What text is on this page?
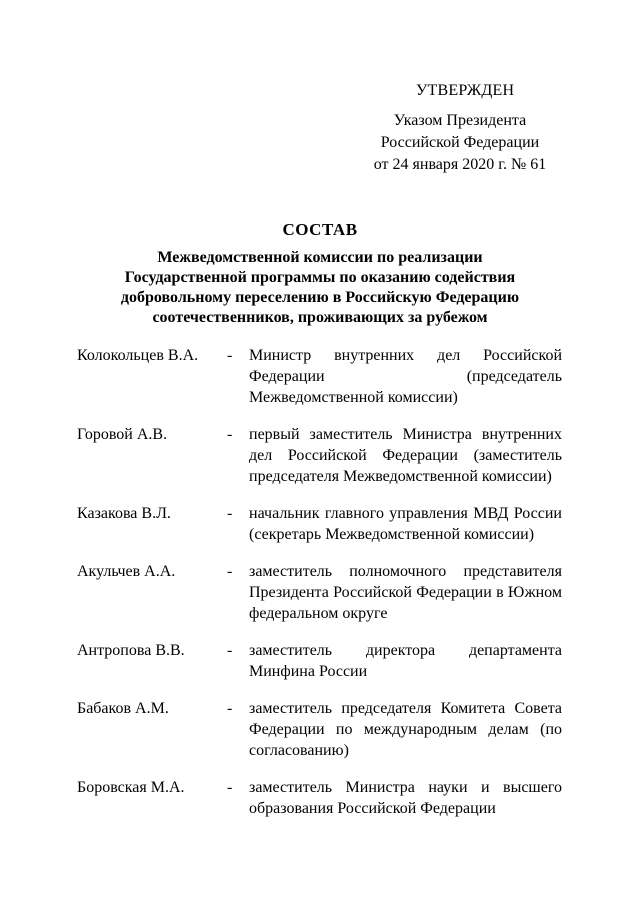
УТВЕРЖДЕН
Указом Президента
Российской Федерации
от 24 января 2020 г. № 61
СОСТАВ
Межведомственной комиссии по реализации
Государственной программы по оказанию содействия
добровольному переселению в Российскую Федерацию
соотечественников, проживающих за рубежом
Колокольцев В.А.	-	Министр внутренних дел Российской Федерации (председатель Межведомственной комиссии)
Горовой А.В.	-	первый заместитель Министра внутренних дел Российской Федерации (заместитель председателя Межведомственной комиссии)
Казакова В.Л.	-	начальник главного управления МВД России (секретарь Межведомственной комиссии)
Акульчев А.А.	-	заместитель полномочного представителя Президента Российской Федерации в Южном федеральном округе
Антропова В.В.	-	заместитель директора департамента Минфина России
Бабаков А.М.	-	заместитель председателя Комитета Совета Федерации по международным делам (по согласованию)
Боровская М.А.	-	заместитель Министра науки и высшего образования Российской Федерации
